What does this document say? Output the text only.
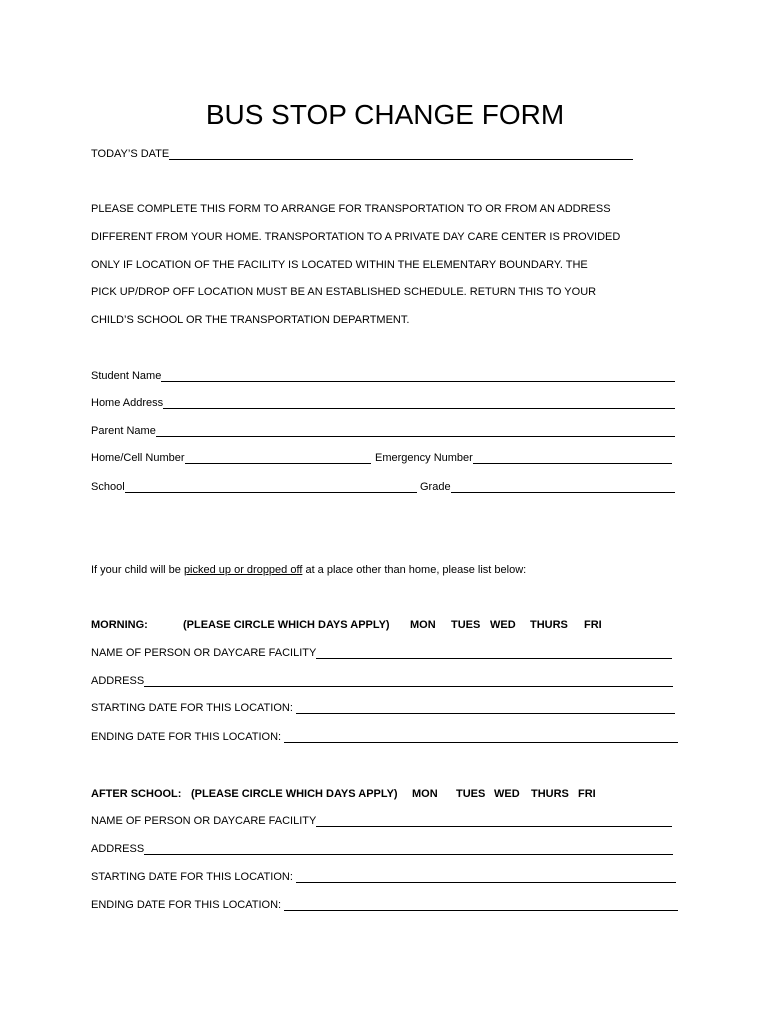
BUS STOP CHANGE FORM
TODAY’S DATE
PLEASE COMPLETE THIS FORM TO ARRANGE FOR TRANSPORTATION TO OR FROM AN ADDRESS
DIFFERENT FROM YOUR HOME. TRANSPORTATION TO A PRIVATE DAY CARE CENTER IS PROVIDED
ONLY IF LOCATION OF THE FACILITY IS LOCATED WITHIN THE ELEMENTARY BOUNDARY. THE
PICK UP/DROP OFF LOCATION MUST BE AN ESTABLISHED SCHEDULE. RETURN THIS TO YOUR
CHILD’S SCHOOL OR THE TRANSPORTATION DEPARTMENT.
Student Name
Home Address
Parent Name
Home/Cell Number	Emergency Number
School	Grade
If your child will be picked up or dropped off at a place other than home, please list below:
MORNING:	(PLEASE CIRCLE WHICH DAYS APPLY) MON TUES WED THURS FRI
NAME OF PERSON OR DAYCARE FACILITY
ADDRESS
STARTING DATE FOR THIS LOCATION:
ENDING DATE FOR THIS LOCATION:
AFTER SCHOOL: (PLEASE CIRCLE WHICH DAYS APPLY) MON TUES WED THURS FRI
NAME OF PERSON OR DAYCARE FACILITY
ADDRESS
STARTING DATE FOR THIS LOCATION:
ENDING DATE FOR THIS LOCATION:
